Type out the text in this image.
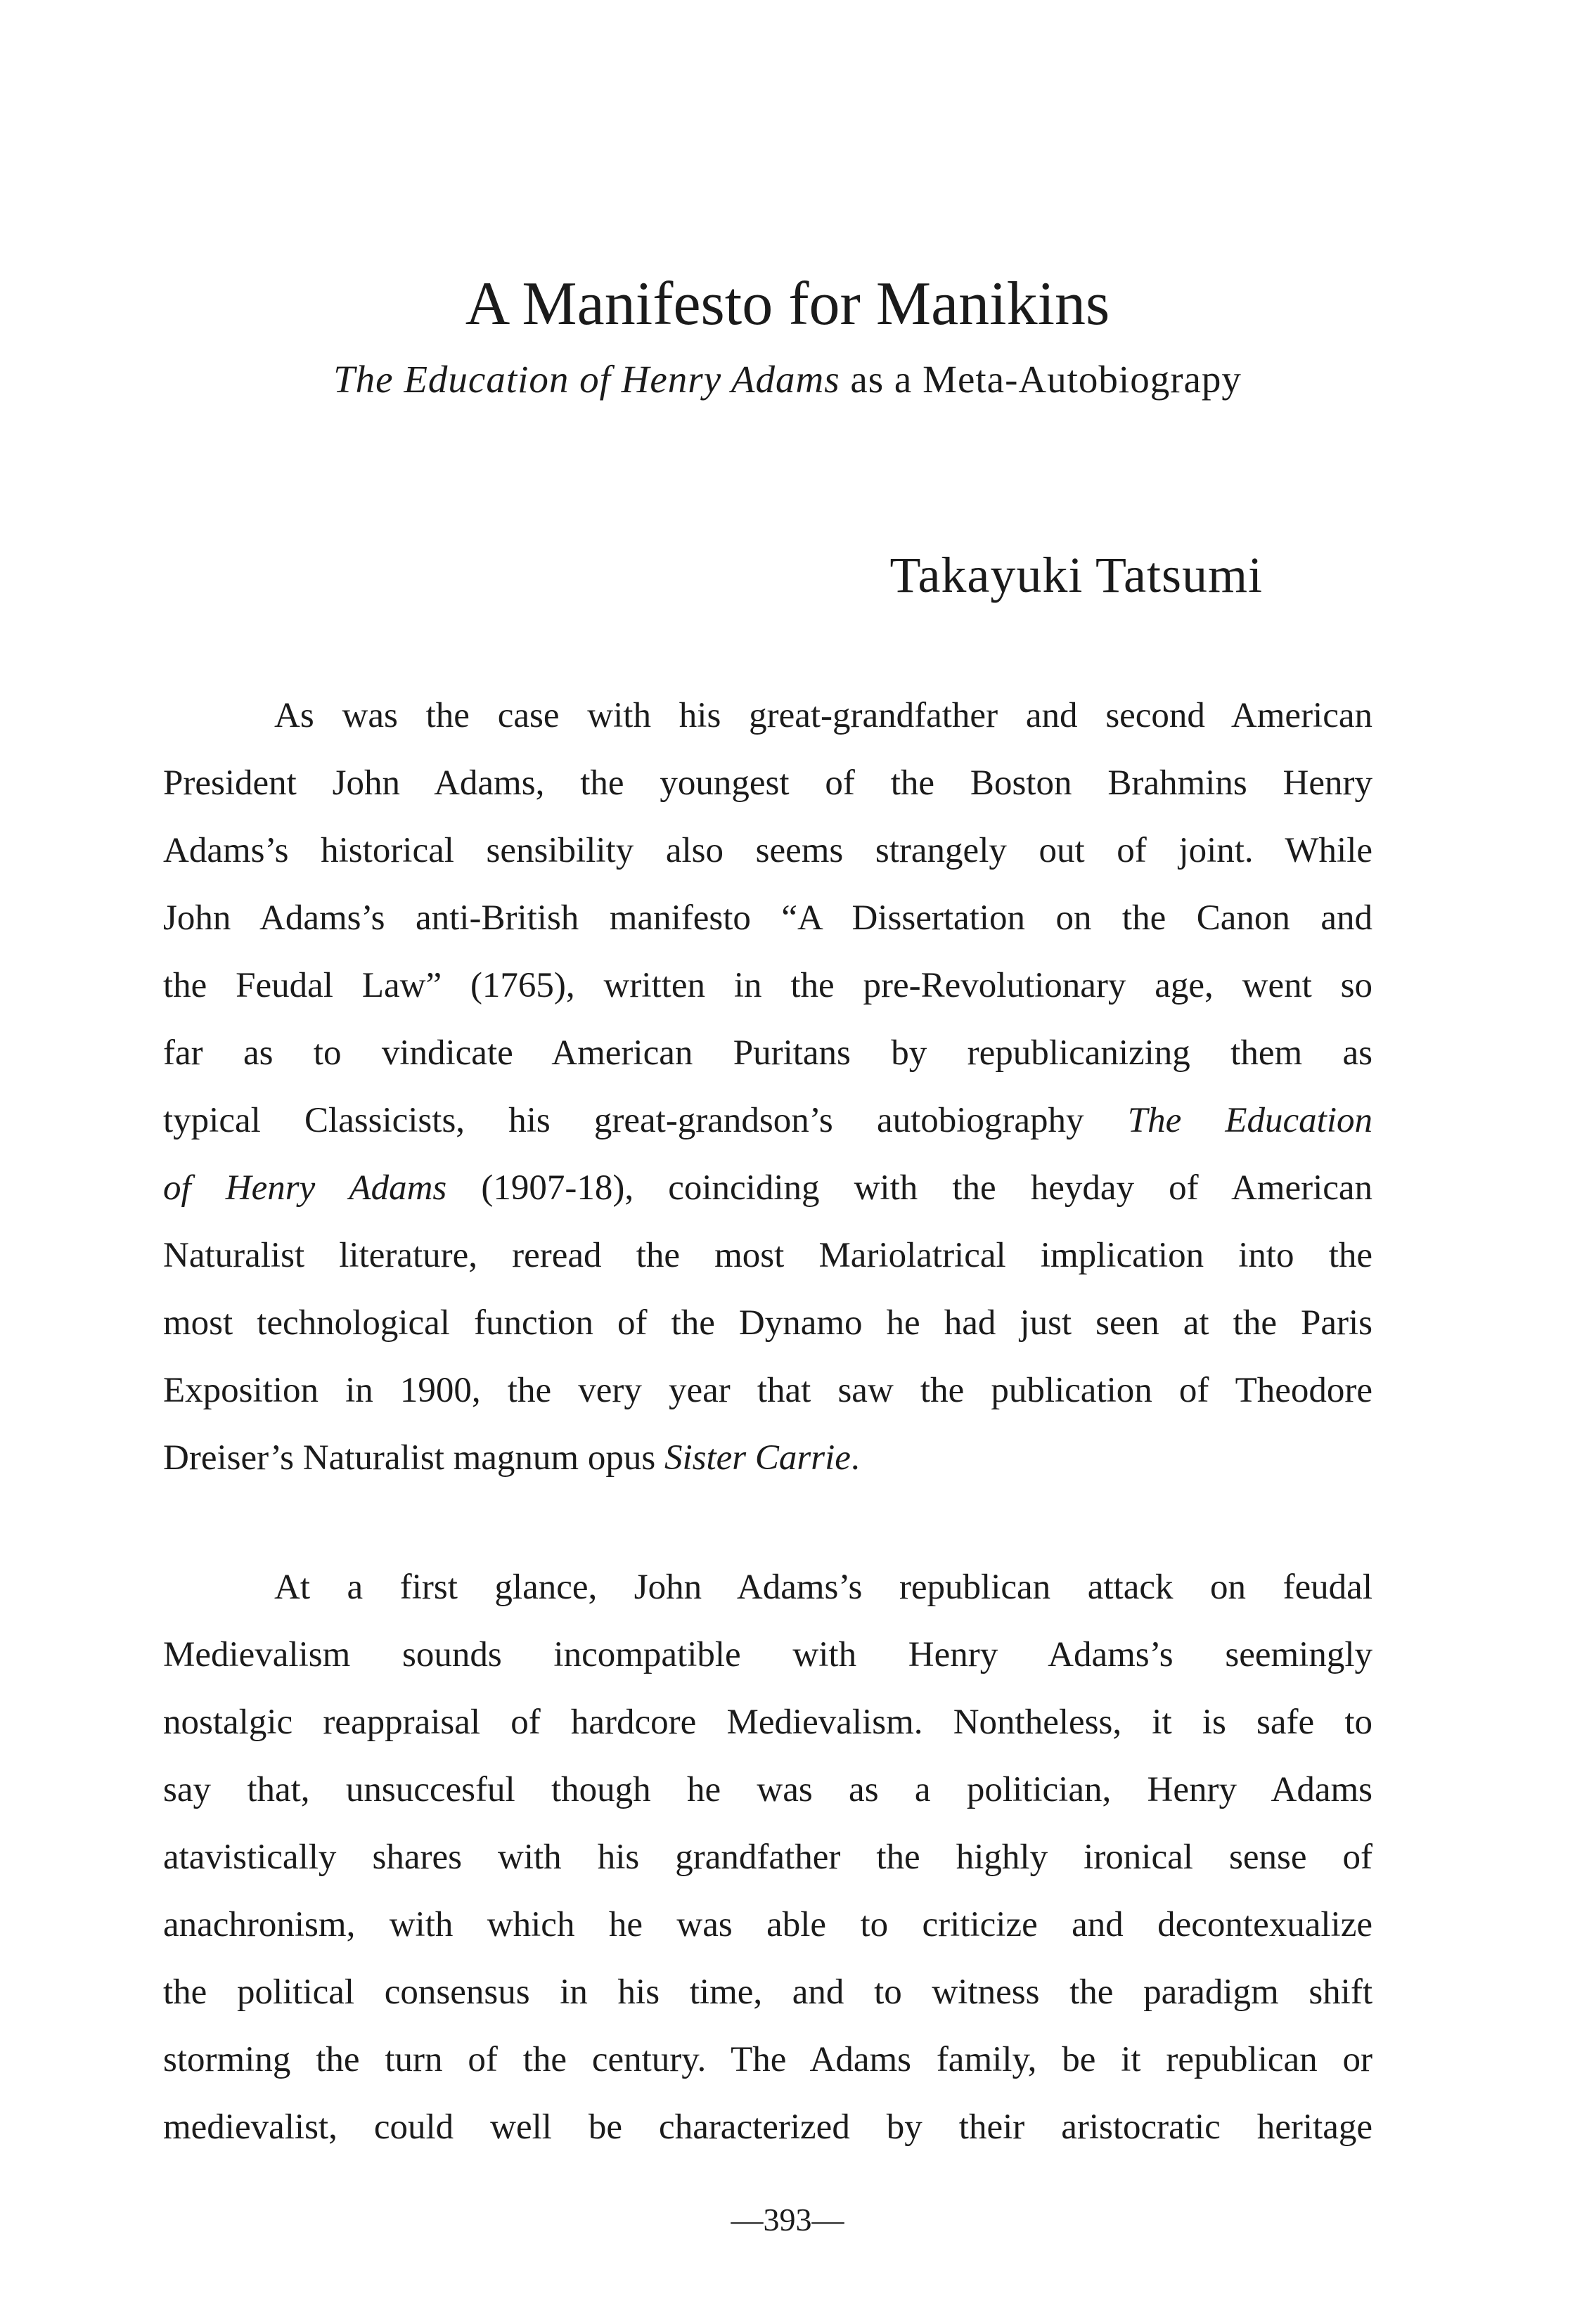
A Manifesto for Manikins
The Education of Henry Adams as a Meta-Autobiograpy
Takayuki Tatsumi
As was the case with his great-grandfather and second American
President John Adams, the youngest of the Boston Brahmins Henry
Adams’s historical sensibility also seems strangely out of joint. While
John Adams’s anti-British manifesto “A Dissertation on the Canon and
the Feudal Law” (1765), written in the pre-Revolutionary age, went so
far as to vindicate American Puritans by republicanizing them as
typical Classicists, his great-grandson’s autobiography The Education
of Henry Adams (1907-18), coinciding with the heyday of American
Naturalist literature, reread the most Mariolatrical implication into the
most technological function of the Dynamo he had just seen at the Paris
Exposition in 1900, the very year that saw the publication of Theodore
Dreiser’s Naturalist magnum opus Sister Carrie.
At a first glance, John Adams’s republican attack on feudal
Medievalism sounds incompatible with Henry Adams’s seemingly
nostalgic reappraisal of hardcore Medievalism. Nontheless, it is safe to
say that, unsuccesful though he was as a politician, Henry Adams
atavistically shares with his grandfather the highly ironical sense of
anachronism, with which he was able to criticize and decontexualize
the political consensus in his time, and to witness the paradigm shift
storming the turn of the century. The Adams family, be it republican or
medievalist, could well be characterized by their aristocratic heritage
—393—
